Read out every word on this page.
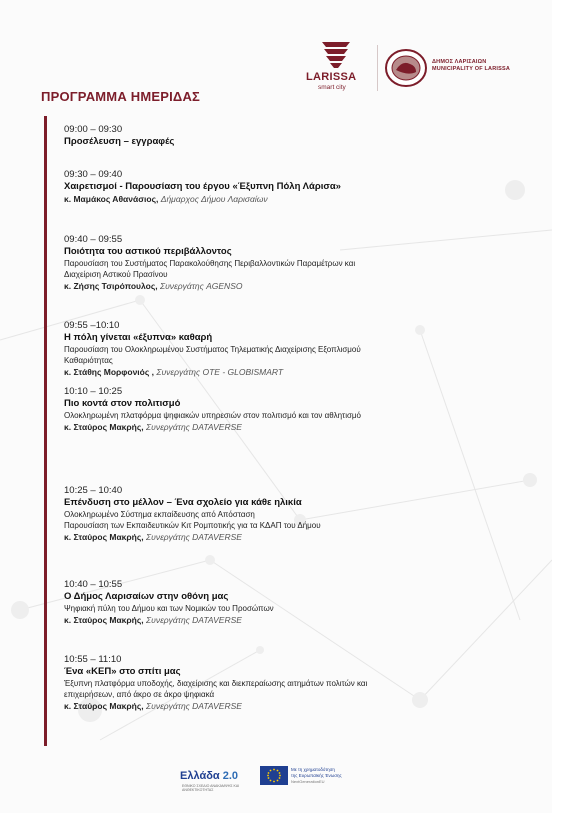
LARISSA
smart city
ΔΗΜΟΣ ΛΑΡΙΣΑΙΩΝ
MUNICIPALITY OF LARISSA
ΠΡΟΓΡΑΜΜΑ ΗΜΕΡΙΔΑΣ
09:00 – 09:30
Προσέλευση – εγγραφές
09:30 – 09:40
Χαιρετισμοί - Παρουσίαση του έργου «Έξυπνη Πόλη Λάρισα»
κ. Μαμάκος Αθανάσιος, Δήμαρχος Δήμου Λαρισαίων
09:40 – 09:55
Ποιότητα του αστικού περιβάλλοντος
Παρουσίαση του Συστήματος Παρακολούθησης Περιβαλλοντικών Παραμέτρων και
Διαχείριση Αστικού Πρασίνου
κ. Ζήσης Τσιρόπουλος, Συνεργάτης AGENSO
09:55 –10:10
Η πόλη γίνεται «έξυπνα» καθαρή
Παρουσίαση του Ολοκληρωμένου Συστήματος Τηλεματικής Διαχείρισης Εξοπλισμού
Καθαριότητας
κ. Στάθης Μορφονιός , Συνεργάτης OTE - GLOBISMART
10:10 – 10:25
Πιο κοντά στον πολιτισμό
Ολοκληρωμένη πλατφόρμα ψηφιακών υπηρεσιών στον πολιτισμό και τον αθλητισμό
κ. Σταύρος Μακρής, Συνεργάτης DATAVERSE
10:25 – 10:40
Επένδυση στο μέλλον – Ένα σχολείο για κάθε ηλικία
Ολοκληρωμένο Σύστημα εκπαίδευσης από Απόσταση
Παρουσίαση των Εκπαιδευτικών Κιτ Ρομποτικής για τα ΚΔΑΠ του Δήμου
κ. Σταύρος Μακρής, Συνεργάτης DATAVERSE
10:40 – 10:55
Ο Δήμος Λαρισαίων στην οθόνη μας
Ψηφιακή πύλη του Δήμου και των Νομικών του Προσώπων
κ. Σταύρος Μακρής, Συνεργάτης DATAVERSE
10:55 – 11:10
Ένα «ΚΕΠ» στο σπίτι μας
Έξυπνη πλατφόρμα υποδοχής, διαχείρισης και διεκπεραίωσης αιτημάτων πολιτών και
επιχειρήσεων, από άκρο σε άκρο ψηφιακά
κ. Σταύρος Μακρής, Συνεργάτης DATAVERSE
Ελλάδα 2.0
ΕΘΝΙΚΟ ΣΧΕΔΙΟ ΑΝΑΚΑΜΨΗΣ ΚΑΙ ΑΝΘΕΚΤΙΚΟΤΗΤΑΣ
Με τη χρηματοδότηση
της Ευρωπαϊκής Ένωσης
NextGenerationEU
